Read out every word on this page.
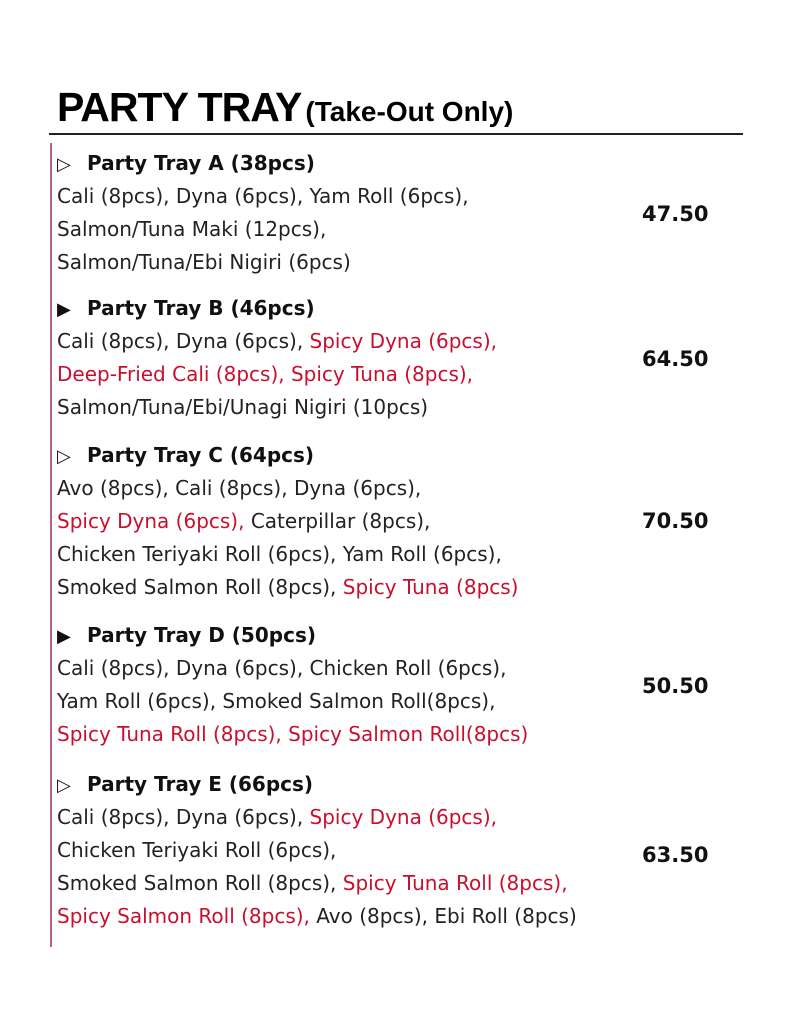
PARTY TRAY (Take-Out Only)
▷ Party Tray A (38pcs)
Cali (8pcs), Dyna (6pcs), Yam Roll (6pcs),
Salmon/Tuna Maki (12pcs),
Salmon/Tuna/Ebi Nigiri (6pcs)
47.50
▶ Party Tray B (46pcs)
Cali (8pcs), Dyna (6pcs), Spicy Dyna (6pcs),
Deep-Fried Cali (8pcs), Spicy Tuna (8pcs),
Salmon/Tuna/Ebi/Unagi Nigiri (10pcs)
64.50
▷ Party Tray C (64pcs)
Avo (8pcs), Cali (8pcs), Dyna (6pcs),
Spicy Dyna (6pcs), Caterpillar (8pcs),
Chicken Teriyaki Roll (6pcs), Yam Roll (6pcs),
Smoked Salmon Roll (8pcs), Spicy Tuna (8pcs)
70.50
▶ Party Tray D (50pcs)
Cali (8pcs), Dyna (6pcs), Chicken Roll (6pcs),
Yam Roll (6pcs), Smoked Salmon Roll(8pcs),
Spicy Tuna Roll (8pcs), Spicy Salmon Roll(8pcs)
50.50
▷ Party Tray E (66pcs)
Cali (8pcs), Dyna (6pcs), Spicy Dyna (6pcs),
Chicken Teriyaki Roll (6pcs),
Smoked Salmon Roll (8pcs), Spicy Tuna Roll (8pcs),
Spicy Salmon Roll (8pcs), Avo (8pcs), Ebi Roll (8pcs)
63.50
